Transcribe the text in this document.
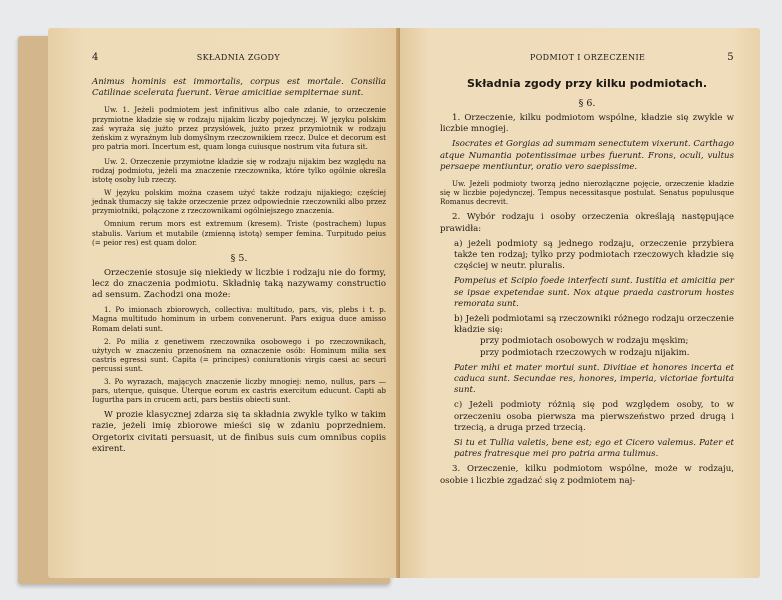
4	SKŁADNIA ZGODY

Animus hominis est immortalis, corpus est mortale. Consilia Catilinae scelerata fuerunt. Verae amicitiae sempiternae sunt.

Uw. 1. Jeżeli podmiotem jest infinitivus albo całe zdanie, to orzeczenie przymiotne kładzie się w rodzaju nijakim liczby pojedynczej. W języku polskim zaś wyraża się jużto przez przysłówek, jużto przez przymiotnik w rodzaju żeńskim z wyraźnym lub domyślnym rzeczownikiem rzecz. Dulce et decorum est pro patria mori. Incertum est, quam longa cuiusque nostrum vita futura sit.

Uw. 2. Orzeczenie przymiotne kładzie się w rodzaju nijakim bez względu na rodzaj podmiotu, jeżeli ma znaczenie rzeczownika, które tylko ogólnie określa istotę osoby lub rzeczy.

W języku polskim można czasem użyć także rodzaju nijakiego; częściej jednak tłumaczy się także orzeczenie przez odpowiednie rzeczowniki albo przez przymiotniki, połączone z rzeczownikami ogólniejszego znaczenia.

Omnium rerum mors est extremum (kresem). Triste (postrachem) lupus stabulis. Varium et mutabile (zmienną istotą) semper femina. Turpitudo peius (= peior res) est quam dolor.

§ 5.

Orzeczenie stosuje się niekiedy w liczbie i rodzaju nie do formy, lecz do znaczenia podmiotu. Składnię taką nazywamy constructio ad sensum. Zachodzi ona może:

1. Po imionach zbiorowych, collectiva: multitudo, pars, vis, plebs i t. p. Magna multitudo hominum in urbem convenerunt. Pars exigua duce amisso Romam delati sunt.

2. Po milia z genetiwem rzeczownika osobowego i po rzeczownikach, użytych w znaczeniu przenośnem na oznaczenie osób: Hominum milia sex castris egressi sunt. Capita (= principes) coniurationis virgis caesi ac securi percussi sunt.

3. Po wyrazach, mających znaczenie liczby mnogiej: nemo, nullus, pars — pars, uterque, quisque. Uterque eorum ex castris exercitum educunt. Capti ab Iugurtha pars in crucem acti, pars bestiis obiecti sunt.

W prozie klasycznej zdarza się ta składnia zwykle tylko w takim razie, jeżeli imię zbiorowe mieści się w zdaniu poprzedniem. Orgetorix civitati persuasit, ut de finibus suis cum omnibus copiis exirent.

PODMIOT I ORZECZENIE	5

Składnia zgody przy kilku podmiotach.

§ 6.

1. Orzeczenie, kilku podmiotom wspólne, kładzie się zwykle w liczbie mnogiej.

Isocrates et Gorgias ad summam senectutem vixerunt. Carthago atque Numantia potentissimae urbes fuerunt. Frons, oculi, vultus persaepe mentiuntur, oratio vero saepissime.

Uw. Jeżeli podmioty tworzą jedno nierozłączne pojęcie, orzeczenie kładzie się w liczbie pojedynczej. Tempus necessitasque postulat. Senatus populusque Romanus decrevit.

2. Wybór rodzaju i osoby orzeczenia określają następujące prawidła:

a) jeżeli podmioty są jednego rodzaju, orzeczenie przybiera także ten rodzaj; tylko przy podmiotach rzeczowych kładzie się częściej w neutr. pluralis.

Pompeius et Scipio foede interfecti sunt. Iustitia et amicitia per se ipsae expetendae sunt. Nox atque praeda castrorum hostes remorata sunt.

b) Jeżeli podmiotami są rzeczowniki różnego rodzaju orzeczenie kładzie się:

przy podmiotach osobowych w rodzaju męskim;

przy podmiotach rzeczowych w rodzaju nijakim.

Pater mihi et mater mortui sunt. Divitiae et honores incerta et caduca sunt. Secundae res, honores, imperia, victoriae fortuita sunt.

c) Jeżeli podmioty różnią się pod względem osoby, to w orzeczeniu osoba pierwsza ma pierwszeństwo przed drugą i trzecią, a druga przed trzecią.

Si tu et Tullia valetis, bene est; ego et Cicero valemus. Pater et patres fratresque mei pro patria arma tulimus.

3. Orzeczenie, kilku podmiotom wspólne, może w rodzaju, osobie i liczbie zgadzać się z podmiotem naj-
